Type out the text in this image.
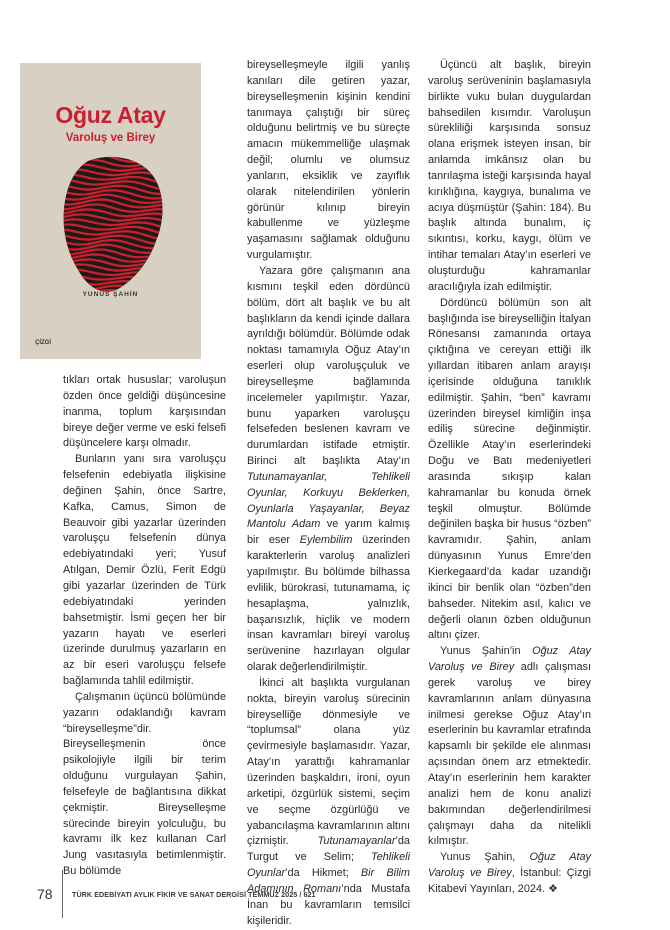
Oğuz Atay
Varoluş ve Birey
YUNUS ŞAHİN
ÇİZGİ

tıkları ortak hususlar; varoluşun özden önce geldiği düşüncesine inanma, toplum karşısından bireye değer verme ve eski felsefi düşüncelere karşı olmadır.

Bunların yanı sıra varoluşçu felsefenin edebiyatla ilişkisine değinen Şahin, önce Sartre, Kafka, Camus, Simon de Beauvoir gibi yazarlar üzerinden varoluşçu felsefenin dünya edebiyatındaki yeri; Yusuf Atılgan, Demir Özlü, Ferit Edgü gibi yazarlar üzerinden de Türk edebiyatındaki yerinden bahsetmiştir. İsmi geçen her bir yazarın hayatı ve eserleri üzerinde durulmuş yazarların en az bir eseri varoluşçu felsefe bağlamında tahlil edilmiştir.

Çalışmanın üçüncü bölümünde yazarın odaklandığı kavram “bireyselleşme”dir. Bireyselleşmenin önce psikolojiyle ilgili bir terim olduğunu vurgulayan Şahin, felsefeyle de bağlantısına dikkat çekmiştir. Bireyselleşme sürecinde bireyin yolculuğu, bu kavramı ilk kez kullanan Carl Jung vasıtasıyla betimlenmiştir. Bu bölümde

bireyselleşmeyle ilgili yanlış kanıları dile getiren yazar, bireyselleşmenin kişinin kendini tanımaya çalıştığı bir süreç olduğunu belirtmiş ve bu süreçte amacın mükemmelliğe ulaşmak değil; olumlu ve olumsuz yanların, eksiklik ve zayıflık olarak nitelendirilen yönlerin görünür kılınıp bireyin kabullenme ve yüzleşme yaşamasını sağlamak olduğunu vurgulamıştır.

Yazara göre çalışmanın ana kısmını teşkil eden dördüncü bölüm, dört alt başlık ve bu alt başlıkların da kendi içinde dallara ayrıldığı bölümdür. Bölümde odak noktası tamamıyla Oğuz Atay’ın eserleri olup varoluşçuluk ve bireyselleşme bağlamında incelemeler yapılmıştır. Yazar, bunu yaparken varoluşçu felsefeden beslenen kavram ve durumlardan istifade etmiştir. Birinci alt başlıkta Atay’ın Tutunamayanlar, Tehlikeli Oyunlar, Korkuyu Beklerken, Oyunlarla Yaşayanlar, Beyaz Mantolu Adam ve yarım kalmış bir eser Eylembilim üzerinden karakterlerin varoluş analizleri yapılmıştır. Bu bölümde bilhassa evlilik, bürokrasi, tutunamama, iç hesaplaşma, yalnızlık, başarısızlık, hiçlik ve modern insan kavramları bireyi varoluş serüvenine hazırlayan olgular olarak değerlendirilmiştir.

İkinci alt başlıkta vurgulanan nokta, bireyin varoluş sürecinin bireyselliğe dönmesiyle ve “toplumsal” olana yüz çevirmesiyle başlamasıdır. Yazar, Atay’ın yarattığı kahramanlar üzerinden başkaldırı, ironi, oyun arketipi, özgürlük sistemi, seçim ve seçme özgürlüğü ve yabancılaşma kavramlarının altını çizmiştir. Tutunamayanlar’da Turgut ve Selim; Tehlikeli Oyunlar’da Hikmet; Bir Bilim Adamının Romanı’nda Mustafa İnan bu kavramların temsilci kişileridir.

Üçüncü alt başlık, bireyin varoluş serüveninin başlamasıyla birlikte vuku bulan duygulardan bahsedilen kısımdır. Varoluşun sürekliliği karşısında sonsuz olana erişmek isteyen insan, bir anlamda imkânsız olan bu tanrılaşma isteği karşısında hayal kırıklığına, kaygıya, bunalıma ve acıya düşmüştür (Şahin: 184). Bu başlık altında bunalım, iç sıkıntısı, korku, kaygı, ölüm ve intihar temaları Atay’ın eserleri ve oluşturduğu kahramanlar aracılığıyla izah edilmiştir.

Dördüncü bölümün son alt başlığında ise bireyselliğin İtalyan Rönesansı zamanında ortaya çıktığına ve cereyan ettiği ilk yıllardan itibaren anlam arayışı içerisinde olduğuna tanıklık edilmiştir. Şahin, “ben” kavramı üzerinden bireysel kimliğin inşa ediliş sürecine değinmiştir. Özellikle Atay’ın eserlerindeki Doğu ve Batı medeniyetleri arasında sıkışıp kalan kahramanlar bu konuda örnek teşkil olmuştur. Bölümde değinilen başka bir husus “özben” kavramıdır. Şahin, anlam dünyasının Yunus Emre’den Kierkegaard’da kadar uzandığı ikinci bir benlik olan “özben”den bahseder. Nitekim asıl, kalıcı ve değerli olanın özben olduğunun altını çizer.

Yunus Şahin’in Oğuz Atay Varoluş ve Birey adlı çalışması gerek varoluş ve birey kavramlarının anlam dünyasına inilmesi gerekse Oğuz Atay’ın eserlerinin bu kavramlar etrafında kapsamlı bir şekilde ele alınması açısından önem arz etmektedir. Atay’ın eserlerinin hem karakter analizi hem de konu analizi bakımından değerlendirilmesi çalışmayı daha da nitelikli kılmıştır.

Yunus Şahin, Oğuz Atay Varoluş ve Birey, İstanbul: Çizgi Kitabevi Yayınları, 2024. ❖

78	TÜRK EDEBİYATI AYLIK FİKİR VE SANAT DERGİSİ TEMMUZ 2025 / 621
